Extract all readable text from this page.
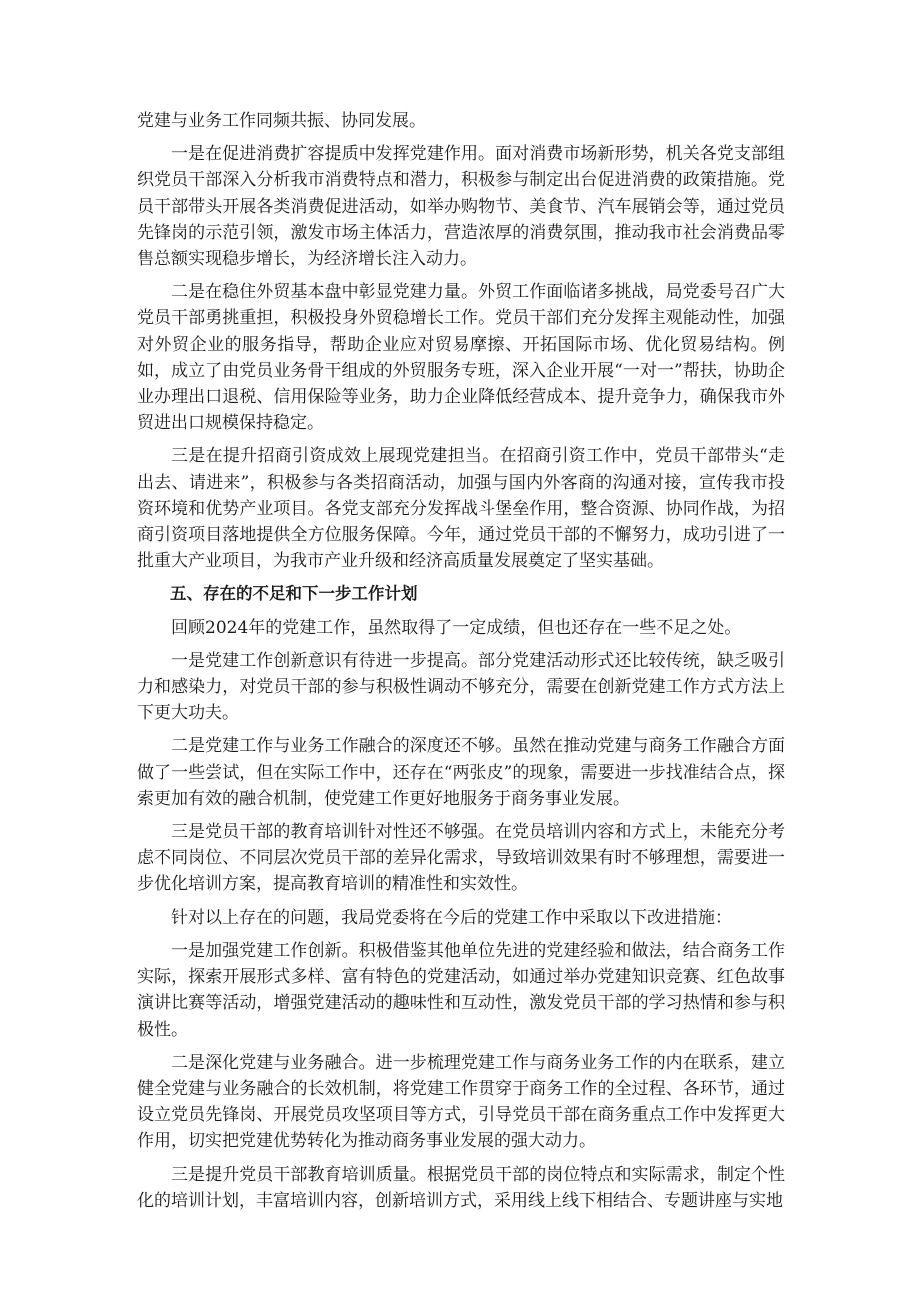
党建与业务工作同频共振、协同发展。

一是在促进消费扩容提质中发挥党建作用。面对消费市场新形势，机关各党支部组织党员干部深入分析我市消费特点和潜力，积极参与制定出台促进消费的政策措施。党员干部带头开展各类消费促进活动，如举办购物节、美食节、汽车展销会等，通过党员先锋岗的示范引领，激发市场主体活力，营造浓厚的消费氛围，推动我市社会消费品零售总额实现稳步增长，为经济增长注入动力。

二是在稳住外贸基本盘中彰显党建力量。外贸工作面临诸多挑战，局党委号召广大党员干部勇挑重担，积极投身外贸稳增长工作。党员干部们充分发挥主观能动性，加强对外贸企业的服务指导，帮助企业应对贸易摩擦、开拓国际市场、优化贸易结构。例如，成立了由党员业务骨干组成的外贸服务专班，深入企业开展“一对一”帮扶，协助企业办理出口退税、信用保险等业务，助力企业降低经营成本、提升竞争力，确保我市外贸进出口规模保持稳定。

三是在提升招商引资成效上展现党建担当。在招商引资工作中，党员干部带头“走出去、请进来”，积极参与各类招商活动，加强与国内外客商的沟通对接，宣传我市投资环境和优势产业项目。各党支部充分发挥战斗堡垒作用，整合资源、协同作战，为招商引资项目落地提供全方位服务保障。今年，通过党员干部的不懈努力，成功引进了一批重大产业项目，为我市产业升级和经济高质量发展奠定了坚实基础。

五、存在的不足和下一步工作计划

回顾2024年的党建工作，虽然取得了一定成绩，但也还存在一些不足之处。

一是党建工作创新意识有待进一步提高。部分党建活动形式还比较传统，缺乏吸引力和感染力，对党员干部的参与积极性调动不够充分，需要在创新党建工作方式方法上下更大功夫。

二是党建工作与业务工作融合的深度还不够。虽然在推动党建与商务工作融合方面做了一些尝试，但在实际工作中，还存在“两张皮”的现象，需要进一步找准结合点，探索更加有效的融合机制，使党建工作更好地服务于商务事业发展。

三是党员干部的教育培训针对性还不够强。在党员培训内容和方式上，未能充分考虑不同岗位、不同层次党员干部的差异化需求，导致培训效果有时不够理想，需要进一步优化培训方案，提高教育培训的精准性和实效性。

针对以上存在的问题，我局党委将在今后的党建工作中采取以下改进措施：

一是加强党建工作创新。积极借鉴其他单位先进的党建经验和做法，结合商务工作实际，探索开展形式多样、富有特色的党建活动，如通过举办党建知识竞赛、红色故事演讲比赛等活动，增强党建活动的趣味性和互动性，激发党员干部的学习热情和参与积极性。

二是深化党建与业务融合。进一步梳理党建工作与商务业务工作的内在联系，建立健全党建与业务融合的长效机制，将党建工作贯穿于商务工作的全过程、各环节，通过设立党员先锋岗、开展党员攻坚项目等方式，引导党员干部在商务重点工作中发挥更大作用，切实把党建优势转化为推动商务事业发展的强大动力。

三是提升党员干部教育培训质量。根据党员干部的岗位特点和实际需求，制定个性化的培训计划，丰富培训内容，创新培训方式，采用线上线下相结合、专题讲座与实地
